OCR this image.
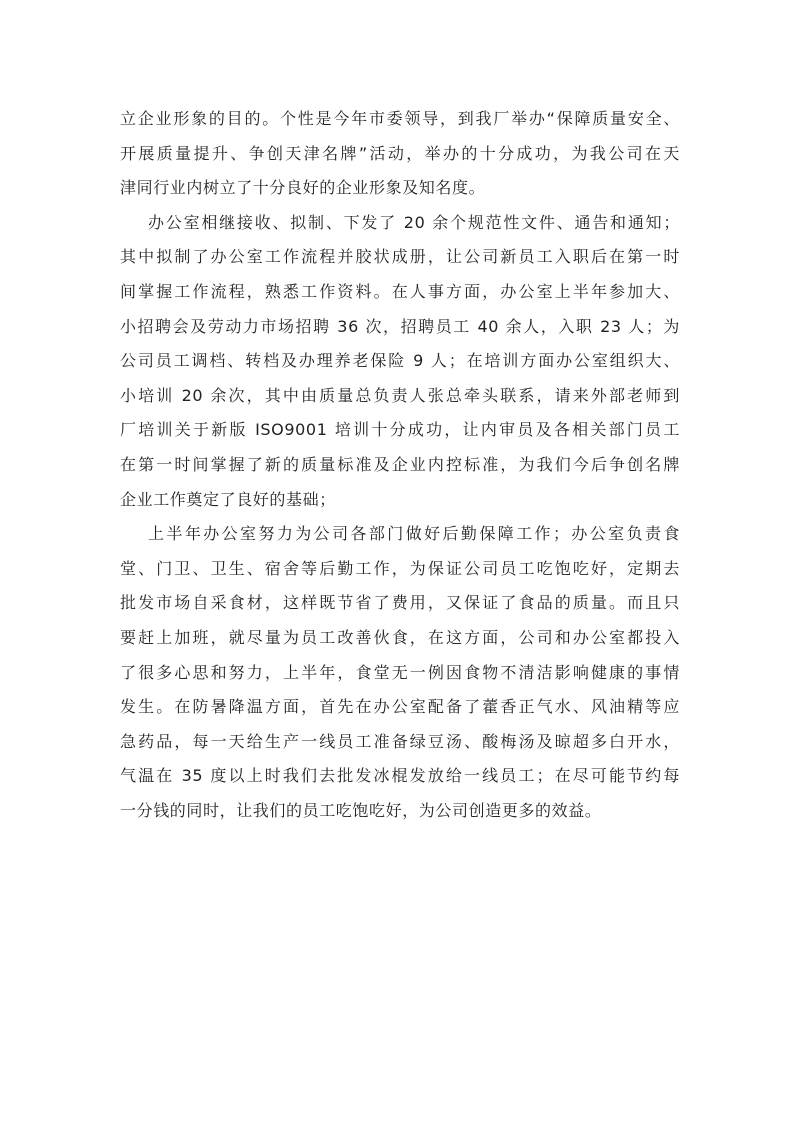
立企业形象的目的。个性是今年市委领导，到我厂举办“保障质量安全、
开展质量提升、争创天津名牌”活动，举办的十分成功，为我公司在天
津同行业内树立了十分良好的企业形象及知名度。
办公室相继接收、拟制、下发了 20 余个规范性文件、通告和通知；
其中拟制了办公室工作流程并胶状成册，让公司新员工入职后在第一时
间掌握工作流程，熟悉工作资料。在人事方面，办公室上半年参加大、
小招聘会及劳动力市场招聘 36 次，招聘员工 40 余人，入职 23 人；为
公司员工调档、转档及办理养老保险 9 人；在培训方面办公室组织大、
小培训 20 余次，其中由质量总负责人张总牵头联系，请来外部老师到
厂培训关于新版 ISO9001 培训十分成功，让内审员及各相关部门员工
在第一时间掌握了新的质量标准及企业内控标准，为我们今后争创名牌
企业工作奠定了良好的基础；
上半年办公室努力为公司各部门做好后勤保障工作；办公室负责食
堂、门卫、卫生、宿舍等后勤工作，为保证公司员工吃饱吃好，定期去
批发市场自采食材，这样既节省了费用，又保证了食品的质量。而且只
要赶上加班，就尽量为员工改善伙食，在这方面，公司和办公室都投入
了很多心思和努力，上半年，食堂无一例因食物不清洁影响健康的事情
发生。在防暑降温方面，首先在办公室配备了藿香正气水、风油精等应
急药品，每一天给生产一线员工准备绿豆汤、酸梅汤及晾超多白开水，
气温在 35 度以上时我们去批发冰棍发放给一线员工；在尽可能节约每
一分钱的同时，让我们的员工吃饱吃好，为公司创造更多的效益。
